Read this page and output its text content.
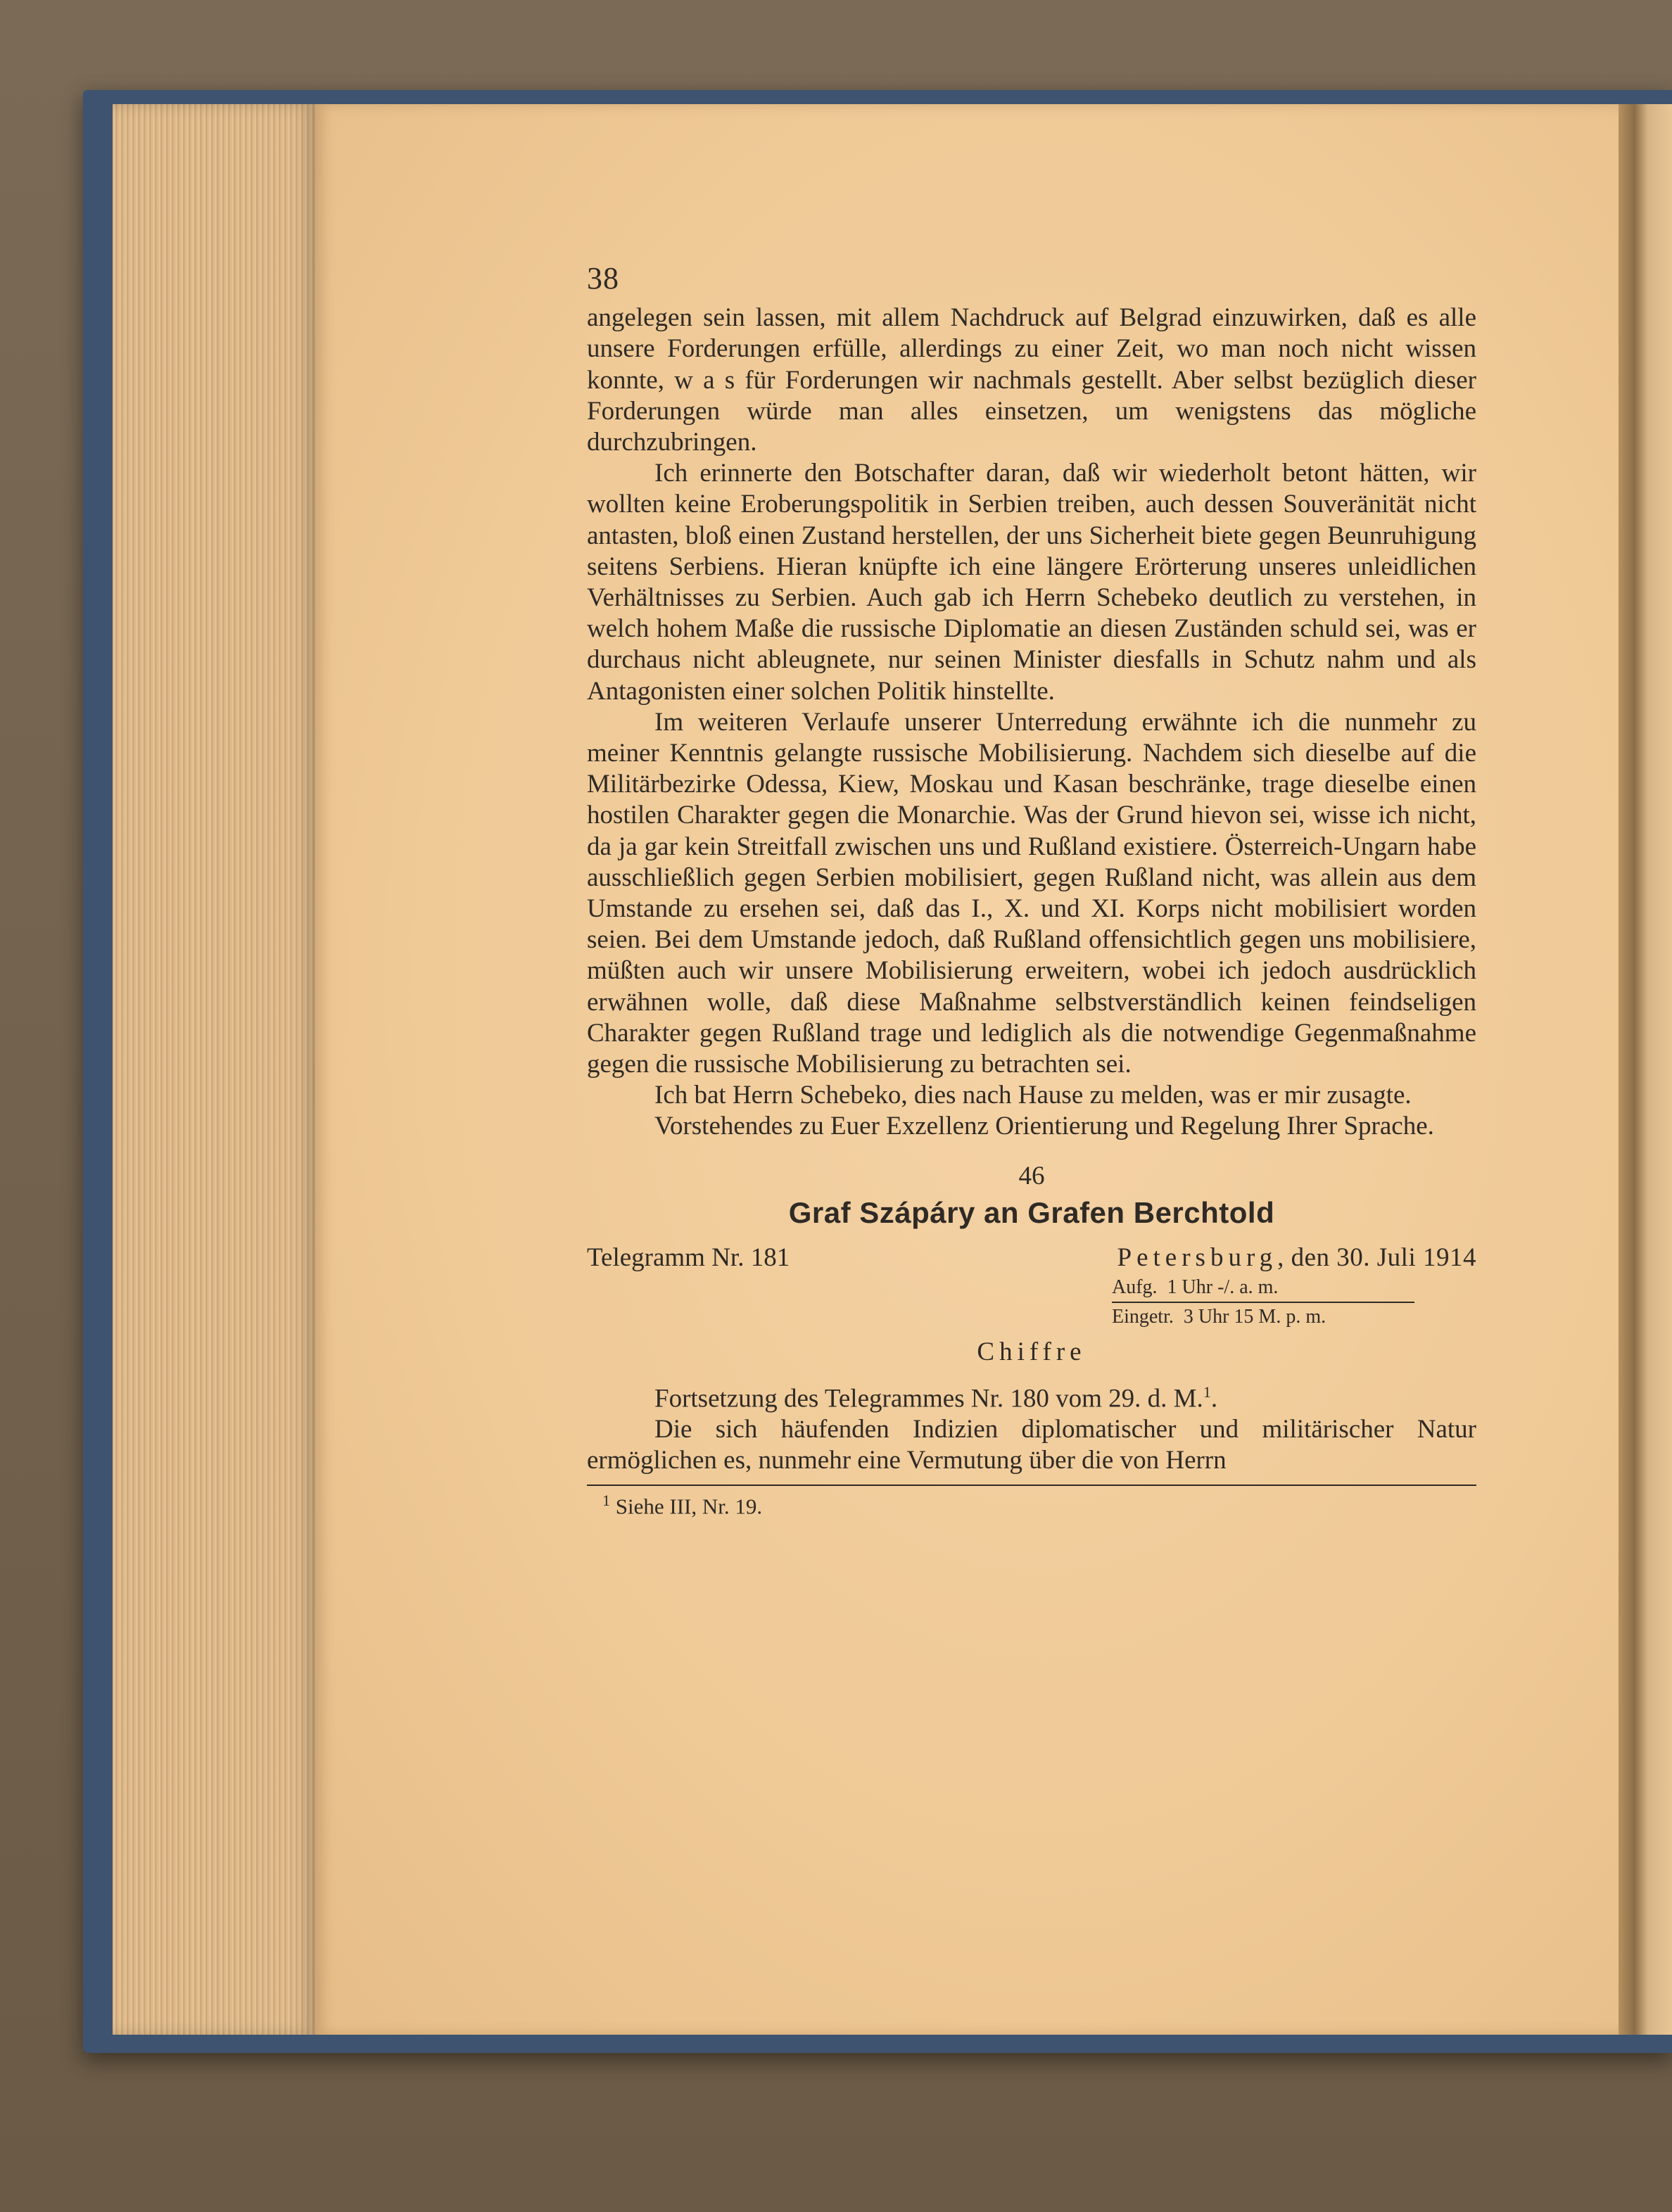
38

angelegen sein lassen, mit allem Nachdruck auf Belgrad einzuwirken, daß es alle unsere Forderungen erfülle, allerdings zu einer Zeit, wo man noch nicht wissen konnte, w a s für Forderungen wir nachmals gestellt. Aber selbst bezüglich dieser Forderungen würde man alles einsetzen, um wenigstens das mögliche durchzubringen.

Ich erinnerte den Botschafter daran, daß wir wiederholt betont hätten, wir wollten keine Eroberungspolitik in Serbien treiben, auch dessen Souveränität nicht antasten, bloß einen Zustand herstellen, der uns Sicherheit biete gegen Beunruhigung seitens Serbiens. Hieran knüpfte ich eine längere Erörterung unseres unleidlichen Verhältnisses zu Serbien. Auch gab ich Herrn Schebeko deutlich zu verstehen, in welch hohem Maße die russische Diplomatie an diesen Zuständen schuld sei, was er durchaus nicht ableugnete, nur seinen Minister diesfalls in Schutz nahm und als Antagonisten einer solchen Politik hinstellte.

Im weiteren Verlaufe unserer Unterredung erwähnte ich die nunmehr zu meiner Kenntnis gelangte russische Mobilisierung. Nachdem sich dieselbe auf die Militärbezirke Odessa, Kiew, Moskau und Kasan beschränke, trage dieselbe einen hostilen Charakter gegen die Monarchie. Was der Grund hievon sei, wisse ich nicht, da ja gar kein Streitfall zwischen uns und Rußland existiere. Österreich-Ungarn habe ausschließlich gegen Serbien mobilisiert, gegen Rußland nicht, was allein aus dem Umstande zu ersehen sei, daß das I., X. und XI. Korps nicht mobilisiert worden seien. Bei dem Umstande jedoch, daß Rußland offensichtlich gegen uns mobilisiere, müßten auch wir unsere Mobilisierung erweitern, wobei ich jedoch ausdrücklich erwähnen wolle, daß diese Maßnahme selbstverständlich keinen feindseligen Charakter gegen Rußland trage und lediglich als die notwendige Gegenmaßnahme gegen die russische Mobilisierung zu betrachten sei.

Ich bat Herrn Schebeko, dies nach Hause zu melden, was er mir zusagte.

Vorstehendes zu Euer Exzellenz Orientierung und Regelung Ihrer Sprache.

46
Graf Szápáry an Grafen Berchtold
Telegramm Nr. 181	Petersburg, den 30. Juli 1914
Aufg. 1 Uhr -/. a. m.
Eingetr. 3 Uhr 15 M. p. m.
Chiffre

Fortsetzung des Telegrammes Nr. 180 vom 29. d. M.$^1$.

Die sich häufenden Indizien diplomatischer und militärischer Natur ermöglichen es, nunmehr eine Vermutung über die von Herrn

$^1$ Siehe III, Nr. 19.
